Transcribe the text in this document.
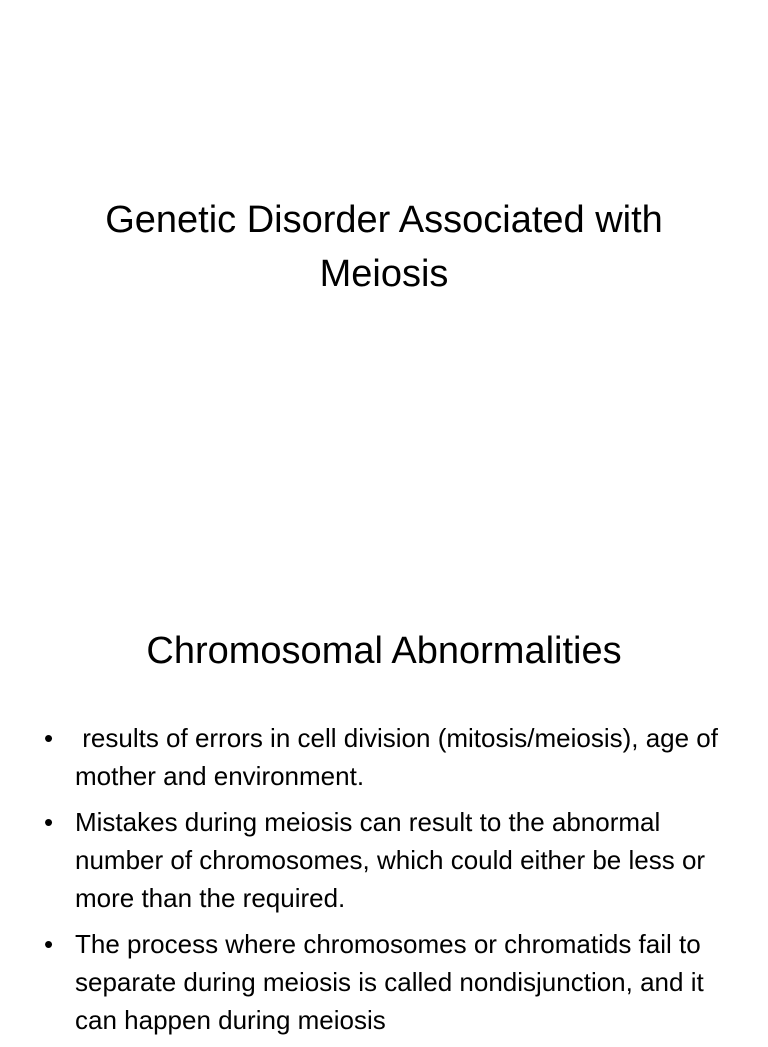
Genetic Disorder Associated with
Meiosis
Chromosomal Abnormalities
• results of errors in cell division (mitosis/meiosis), age of mother and environment.
• Mistakes during meiosis can result to the abnormal number of chromosomes, which could either be less or more than the required.
• The process where chromosomes or chromatids fail to separate during meiosis is called nondisjunction, and it can happen during meiosis
